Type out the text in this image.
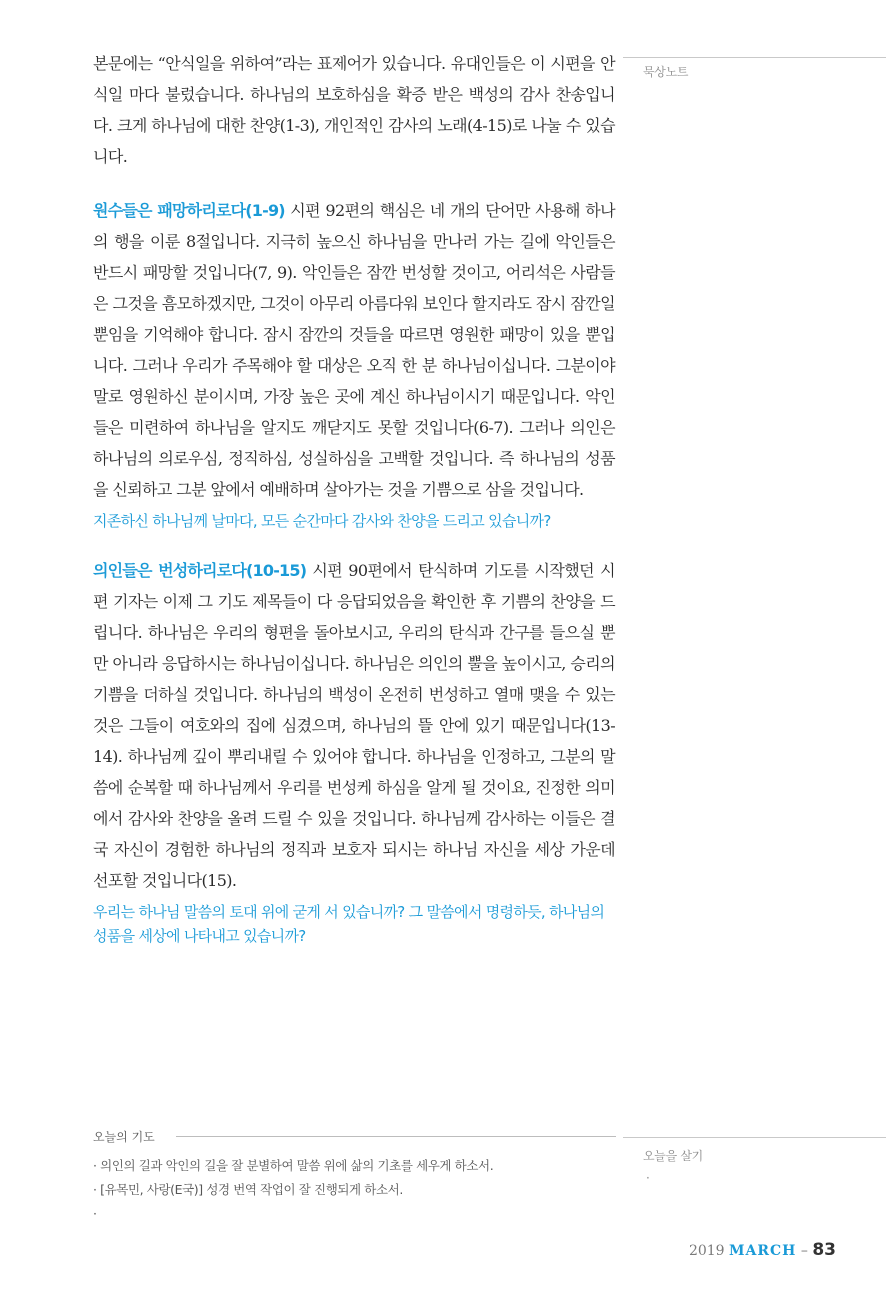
묵상노트

본문에는 “안식일을 위하여”라는 표제어가 있습니다. 유대인들은 이 시편을 안식일 마다 불렀습니다. 하나님의 보호하심을 확증 받은 백성의 감사 찬송입니다. 크게 하나님에 대한 찬양(1-3), 개인적인 감사의 노래(4-15)로 나눌 수 있습니다.

원수들은 패망하리로다(1-9) 시편 92편의 핵심은 네 개의 단어만 사용해 하나의 행을 이룬 8절입니다. 지극히 높으신 하나님을 만나러 가는 길에 악인들은 반드시 패망할 것입니다(7, 9). 악인들은 잠깐 번성할 것이고, 어리석은 사람들은 그것을 흠모하겠지만, 그것이 아무리 아름다워 보인다 할지라도 잠시 잠깐일 뿐임을 기억해야 합니다. 잠시 잠깐의 것들을 따르면 영원한 패망이 있을 뿐입니다. 그러나 우리가 주목해야 할 대상은 오직 한 분 하나님이십니다. 그분이야 말로 영원하신 분이시며, 가장 높은 곳에 계신 하나님이시기 때문입니다. 악인들은 미련하여 하나님을 알지도 깨닫지도 못할 것입니다(6-7). 그러나 의인은 하나님의 의로우심, 정직하심, 성실하심을 고백할 것입니다. 즉 하나님의 성품을 신뢰하고 그분 앞에서 예배하며 살아가는 것을 기쁨으로 삼을 것입니다.

지존하신 하나님께 날마다, 모든 순간마다 감사와 찬양을 드리고 있습니까?

의인들은 번성하리로다(10-15) 시편 90편에서 탄식하며 기도를 시작했던 시편 기자는 이제 그 기도 제목들이 다 응답되었음을 확인한 후 기쁨의 찬양을 드립니다. 하나님은 우리의 형편을 돌아보시고, 우리의 탄식과 간구를 들으실 뿐만 아니라 응답하시는 하나님이십니다. 하나님은 의인의 뿔을 높이시고, 승리의 기쁨을 더하실 것입니다. 하나님의 백성이 온전히 번성하고 열매 맺을 수 있는 것은 그들이 여호와의 집에 심겼으며, 하나님의 뜰 안에 있기 때문입니다(13-14). 하나님께 깊이 뿌리내릴 수 있어야 합니다. 하나님을 인정하고, 그분의 말씀에 순복할 때 하나님께서 우리를 번성케 하심을 알게 될 것이요, 진정한 의미에서 감사와 찬양을 올려 드릴 수 있을 것입니다. 하나님께 감사하는 이들은 결국 자신이 경험한 하나님의 정직과 보호자 되시는 하나님 자신을 세상 가운데 선포할 것입니다(15).

우리는 하나님 말씀의 토대 위에 굳게 서 있습니까? 그 말씀에서 명령하듯, 하나님의 성품을 세상에 나타내고 있습니까?

오늘의 기도
· 의인의 길과 악인의 길을 잘 분별하여 말씀 위에 삶의 기초를 세우게 하소서.
· [유목민, 사랑(E국)] 성경 번역 작업이 잘 진행되게 하소서.
·
오늘을 살기
·
2019 MARCH – 83
